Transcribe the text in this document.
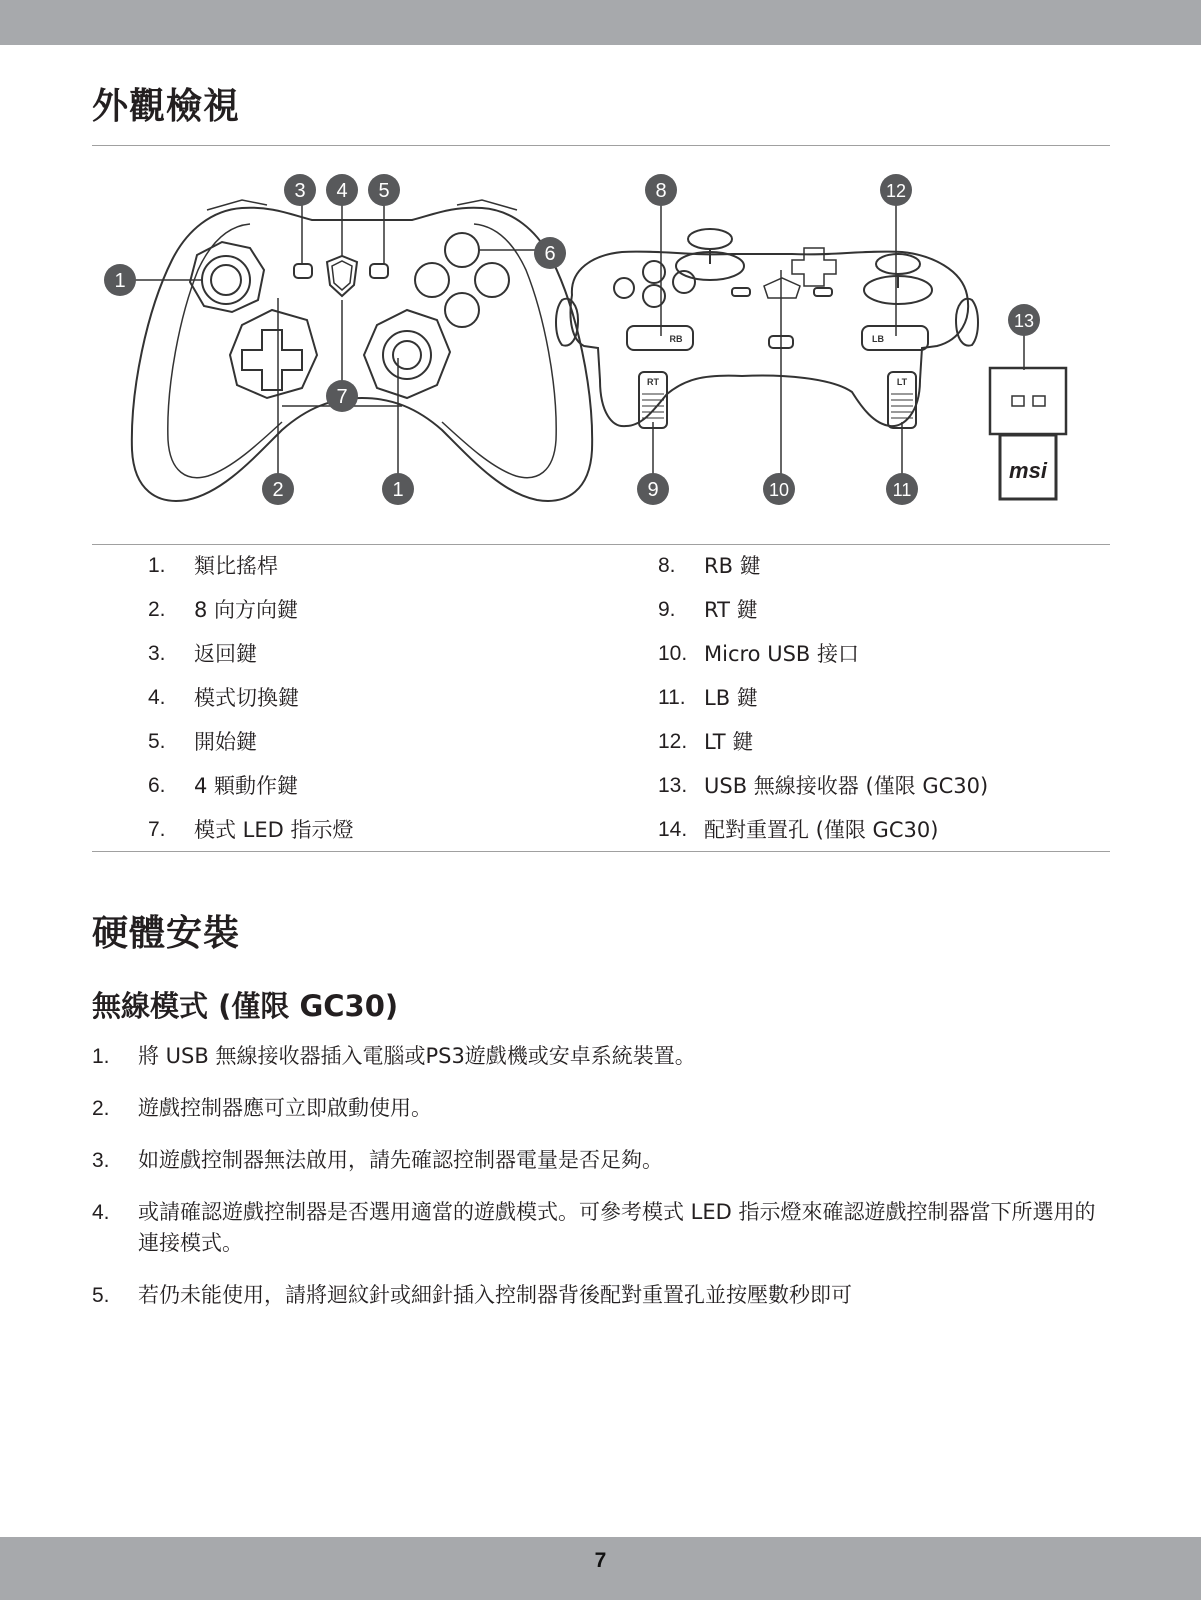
外觀檢視
RB
RT
LB
LT
msi
1
2	1
3 4 5
6
7
8	12
13
9	10	11
1.	類比搖桿
2.	8 向方向鍵
3.	返回鍵
4.	模式切換鍵
5.	開始鍵
6.	4 顆動作鍵
7.	模式 LED 指示燈
8.	RB 鍵
9.	RT 鍵
10. Micro USB 接口
11. LB 鍵
12. LT 鍵
13. USB 無線接收器 (僅限 GC30)
14. 配對重置孔 (僅限 GC30)
硬體安裝
無線模式 (僅限 GC30)
1.	將 USB 無線接收器插入電腦或PS3遊戲機或安卓系統裝置。
2.	遊戲控制器應可立即啟動使用。
3.	如遊戲控制器無法啟用，請先確認控制器電量是否足夠。
4.	或請確認遊戲控制器是否選用適當的遊戲模式。可參考模式 LED 指示燈來確認遊戲控制器當下所選用的連接模式。
5.	若仍未能使用，請將迴紋針或細針插入控制器背後配對重置孔並按壓數秒即可
7
